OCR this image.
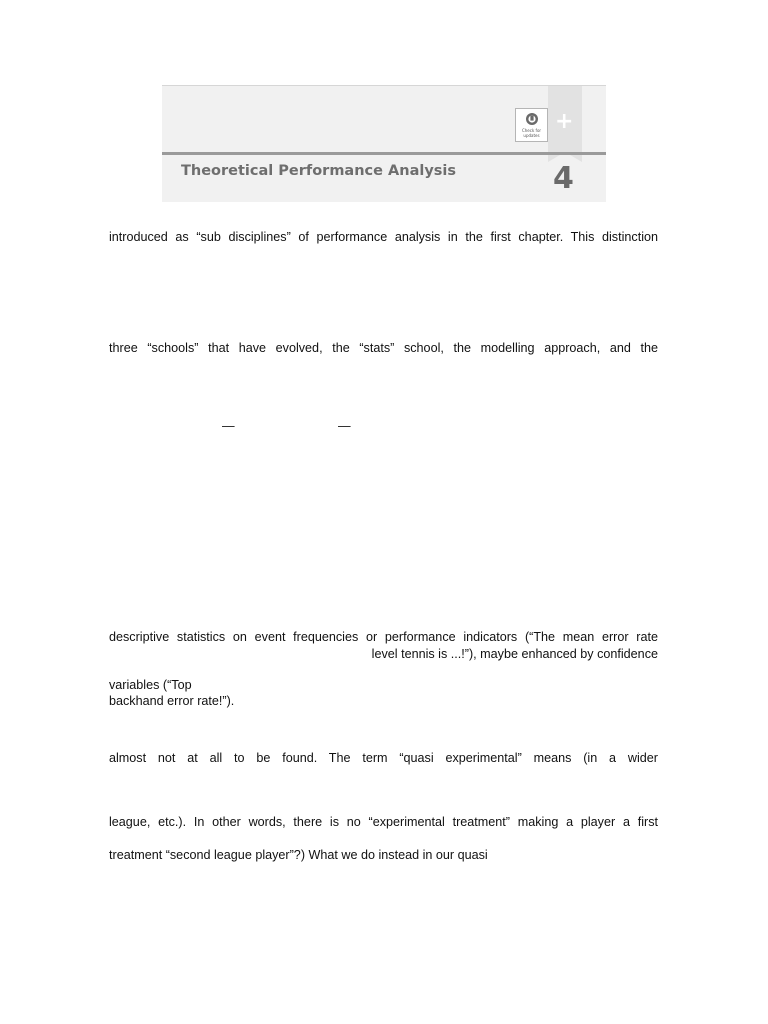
+
Check for
updates
Theoretical Performance Analysis	4
introduced as “sub disciplines” of performance analysis in the first chapter. This distinction
three “schools” that have evolved, the “stats” school, the modelling approach, and the
—	—
descriptive statistics on event frequencies or performance indicators (“The mean error rate
level tennis is ...!”), maybe enhanced by confidence
variables (“Top
backhand error rate!”).
almost not at all to be found. The term “quasi experimental” means (in a wider
league, etc.). In other words, there is no “experimental treatment” making a player a first
treatment “second league player”?) What we do instead in our quasi
